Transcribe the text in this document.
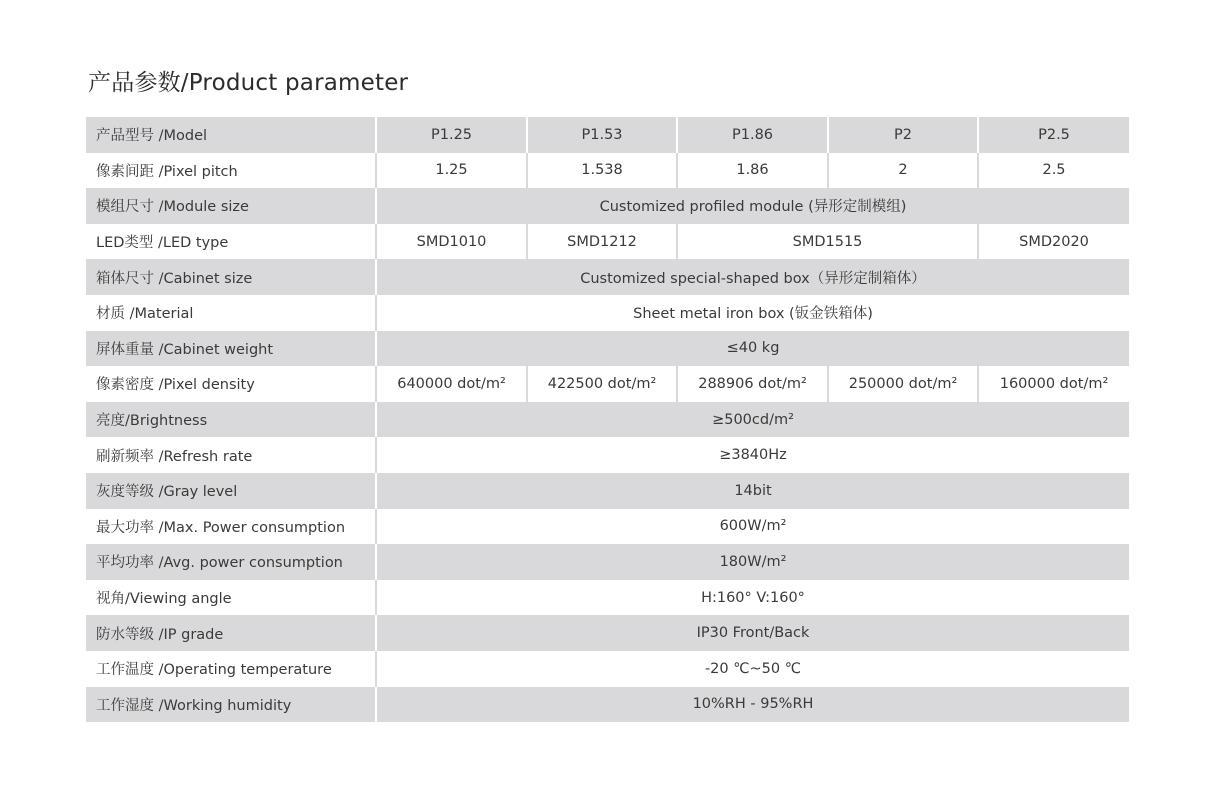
产品参数/Product parameter
产品型号 /Model	P1.25	P1.53	P1.86	P2	P2.5
像素间距 /Pixel pitch	1.25	1.538	1.86	2	2.5
模组尺寸 /Module size	Customized profiled module (异形定制模组)				
LED类型 /LED type	SMD1010	SMD1212	SMD1515		SMD2020
箱体尺寸 /Cabinet size	Customized special-shaped box（异形定制箱体）				
材质 /Material	Sheet metal iron box (钣金铁箱体)				
屏体重量 /Cabinet weight	≤40 kg				
像素密度 /Pixel density	640000 dot/m²	422500 dot/m²	288906 dot/m²	250000 dot/m²	160000 dot/m²
亮度/Brightness	≥500cd/m²				
刷新频率 /Refresh rate	≥3840Hz				
灰度等级 /Gray level	14bit				
最大功率 /Max. Power consumption	600W/m²				
平均功率 /Avg. power consumption	180W/m²				
视角/Viewing angle	H:160° V:160°				
防水等级 /IP grade	IP30 Front/Back				
工作温度 /Operating temperature	-20 ℃~50 ℃				
工作湿度 /Working humidity	10%RH - 95%RH				
